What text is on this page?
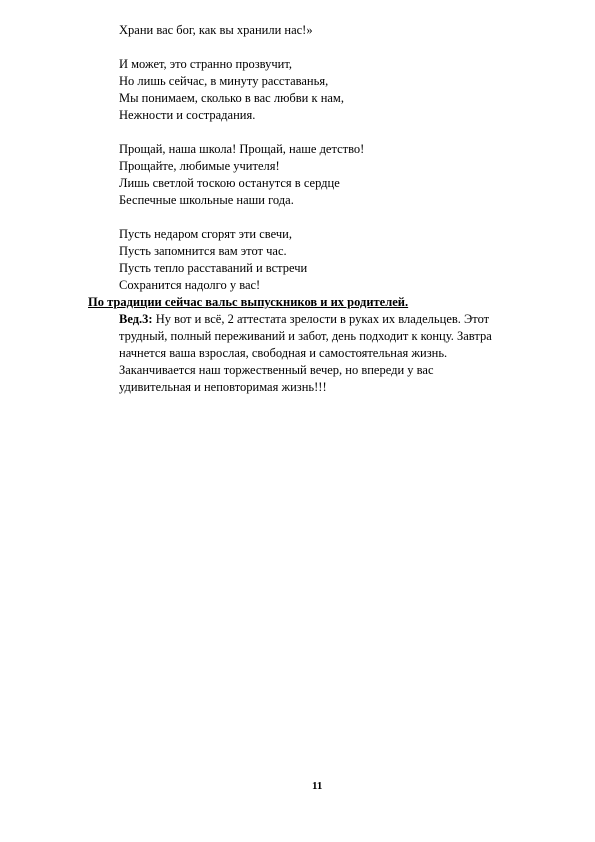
Храни вас бог, как вы хранили нас!»
И может, это странно прозвучит,
Но лишь сейчас, в минуту расставанья,
Мы понимаем, сколько в вас любви к нам,
Нежности и сострадания.
Прощай, наша школа! Прощай, наше детство!
Прощайте, любимые учителя!
Лишь светлой тоскою останутся в сердце
Беспечные школьные наши года.
Пусть недаром сгорят эти свечи,
Пусть запомнится вам этот час.
Пусть тепло расставаний и встречи
Сохранится надолго у вас!
По традиции сейчас вальс выпускников и их родителей.
Вед.3: Ну вот и всё, 2 аттестата зрелости в руках их владельцев. Этот
трудный, полный переживаний и забот, день подходит к концу. Завтра
начнется ваша взрослая, свободная и самостоятельная жизнь.
Заканчивается наш торжественный вечер, но впереди у вас
удивительная и неповторимая жизнь!!!
11
